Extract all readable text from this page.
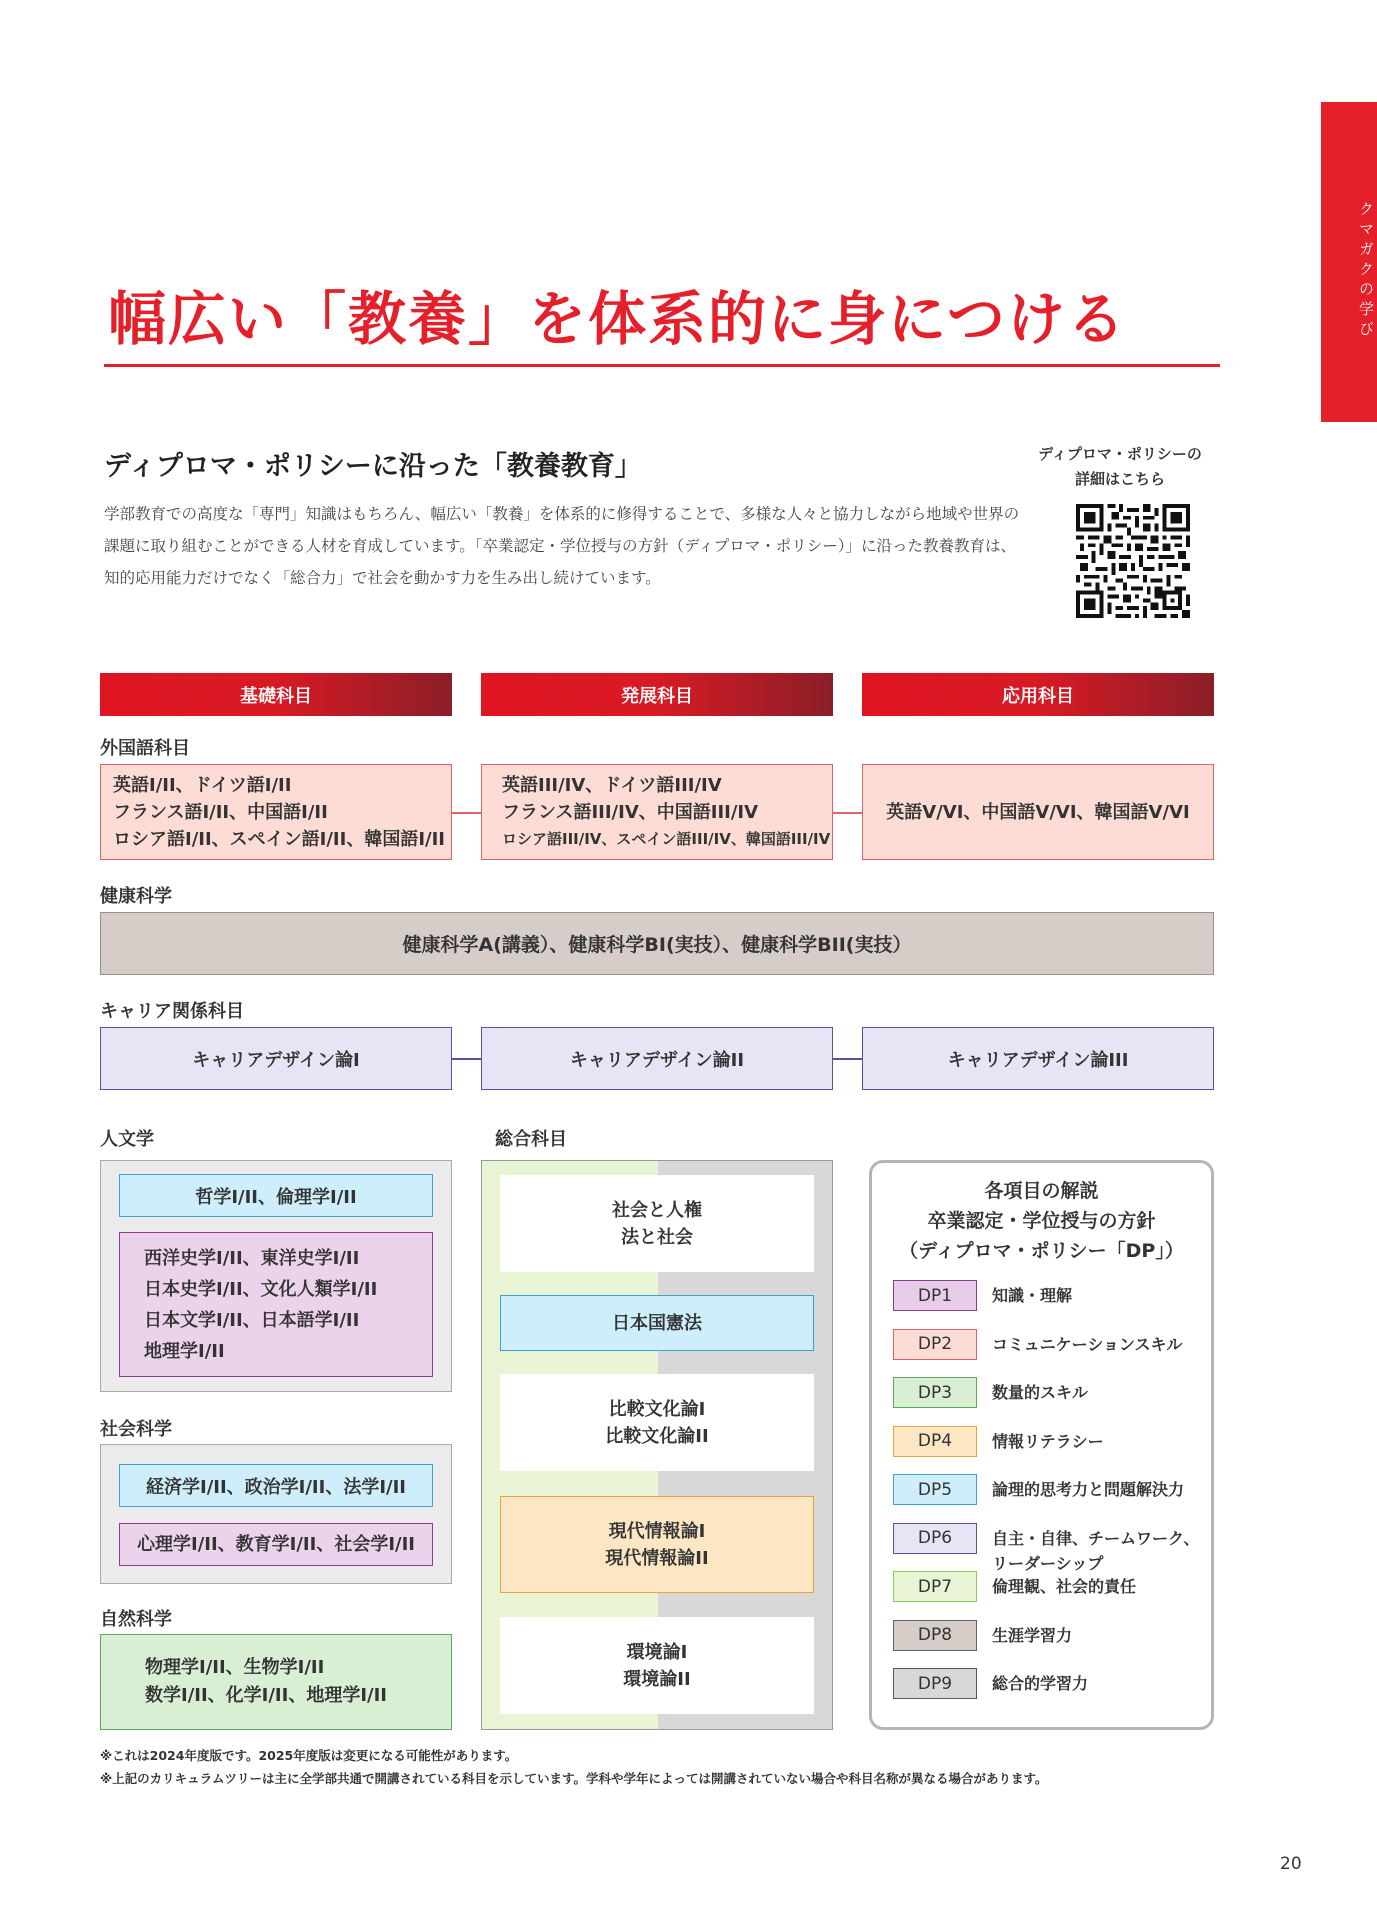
クマガクの学び
幅広い「教養」を体系的に身につける
ディプロマ・ポリシーに沿った「教養教育」
学部教育での高度な「専門」知識はもちろん、幅広い「教養」を体系的に修得することで、多様な人々と協力しながら地域や世界の
課題に取り組むことができる人材を育成しています。「卒業認定・学位授与の方針（ディプロマ・ポリシー）」に沿った教養教育は、
知的応用能力だけでなく「総合力」で社会を動かす力を生み出し続けています。
ディプロマ・ポリシーの
詳細はこちら
基礎科目	発展科目	応用科目
外国語科目
英語I/II、ドイツ語I/II
フランス語I/II、中国語I/II
ロシア語I/II、スペイン語I/II、韓国語I/II
英語III/IV、ドイツ語III/IV
フランス語III/IV、中国語III/IV
ロシア語III/IV、スペイン語III/IV、韓国語III/IV
英語V/VI、中国語V/VI、韓国語V/VI
健康科学
健康科学A(講義）、健康科学BI(実技）、健康科学BII(実技）
キャリア関係科目
キャリアデザイン論I	キャリアデザイン論II	キャリアデザイン論III
人文学
哲学I/II、倫理学I/II
西洋史学I/II、東洋史学I/II
日本史学I/II、文化人類学I/II
日本文学I/II、日本語学I/II
地理学I/II
社会科学
経済学I/II、政治学I/II、法学I/II
心理学I/II、教育学I/II、社会学I/II
自然科学
物理学I/II、生物学I/II
数学I/II、化学I/II、地理学I/II
総合科目
社会と人権
法と社会
日本国憲法
比較文化論I
比較文化論II
現代情報論I
現代情報論II
環境論I
環境論II
各項目の解説
卒業認定・学位授与の方針
（ディプロマ・ポリシー「DP」）
DP1	知識・理解
DP2	コミュニケーションスキル
DP3	数量的スキル
DP4	情報リテラシー
DP5	論理的思考力と問題解決力
DP6	自主・自律、チームワーク、
リーダーシップ
DP7	倫理観、社会的責任
DP8	生涯学習力
DP9	総合的学習力
※これは2024年度版です。2025年度版は変更になる可能性があります。
※上記のカリキュラムツリーは主に全学部共通で開講されている科目を示しています。学科や学年によっては開講されていない場合や科目名称が異なる場合があります。
20
